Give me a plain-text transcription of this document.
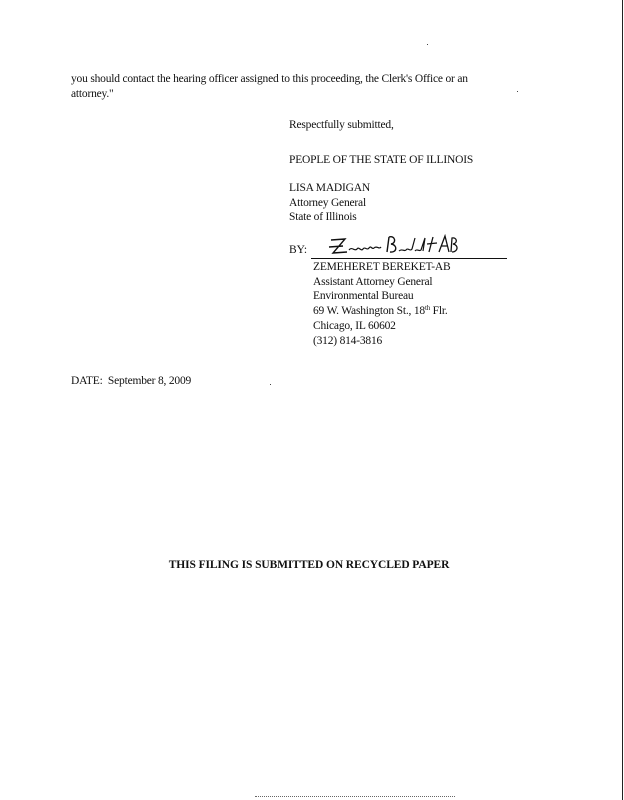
you should contact the hearing officer assigned to this proceeding, the Clerk's Office or an
attorney."
Respectfully submitted,
PEOPLE OF THE STATE OF ILLINOIS
LISA MADIGAN
Attorney General
State of Illinois
BY:
ZEMEHERET BEREKET-AB
Assistant Attorney General
Environmental Bureau
69 W. Washington St., 18th Flr.
Chicago, IL 60602
(312) 814-3816
DATE:  September 8, 2009
THIS FILING IS SUBMITTED ON RECYCLED PAPER
